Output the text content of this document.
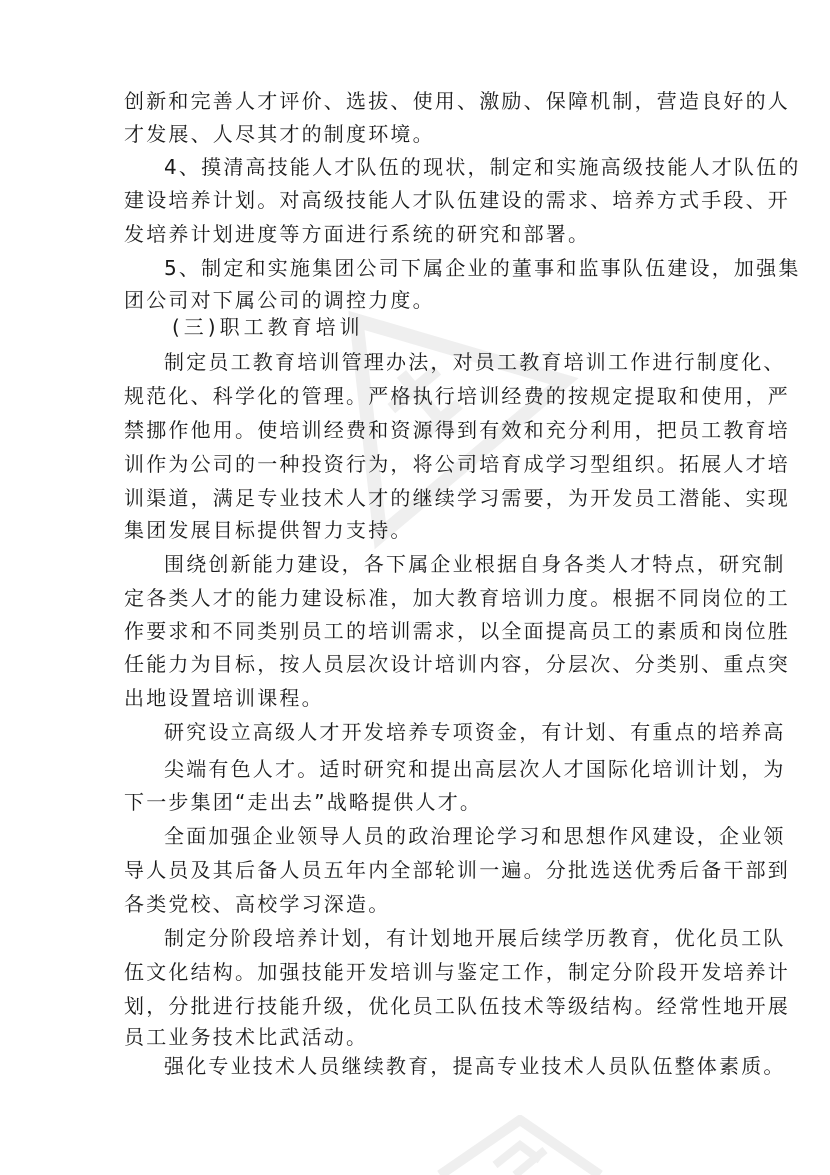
创新和完善人才评价、选拔、使用、激励、保障机制，营造良好的人
才发展、人尽其才的制度环境。
4、摸清高技能人才队伍的现状，制定和实施高级技能人才队伍的
建设培养计划。对高级技能人才队伍建设的需求、培养方式手段、开
发培养计划进度等方面进行系统的研究和部署。
5、制定和实施集团公司下属企业的董事和监事队伍建设，加强集
团公司对下属公司的调控力度。
(三)职工教育培训
制定员工教育培训管理办法，对员工教育培训工作进行制度化、
规范化、科学化的管理。严格执行培训经费的按规定提取和使用，严
禁挪作他用。使培训经费和资源得到有效和充分利用，把员工教育培
训作为公司的一种投资行为，将公司培育成学习型组织。拓展人才培
训渠道，满足专业技术人才的继续学习需要，为开发员工潜能、实现
集团发展目标提供智力支持。
围绕创新能力建设，各下属企业根据自身各类人才特点，研究制
定各类人才的能力建设标准，加大教育培训力度。根据不同岗位的工
作要求和不同类别员工的培训需求，以全面提高员工的素质和岗位胜
任能力为目标，按人员层次设计培训内容，分层次、分类别、重点突
出地设置培训课程。
研究设立高级人才开发培养专项资金，有计划、有重点的培养高
尖端有色人才。适时研究和提出高层次人才国际化培训计划，为
下一步集团“走出去”战略提供人才。
全面加强企业领导人员的政治理论学习和思想作风建设，企业领
导人员及其后备人员五年内全部轮训一遍。分批选送优秀后备干部到
各类党校、高校学习深造。
制定分阶段培养计划，有计划地开展后续学历教育，优化员工队
伍文化结构。加强技能开发培训与鉴定工作，制定分阶段开发培养计
划，分批进行技能升级，优化员工队伍技术等级结构。经常性地开展
员工业务技术比武活动。
强化专业技术人员继续教育，提高专业技术人员队伍整体素质。
